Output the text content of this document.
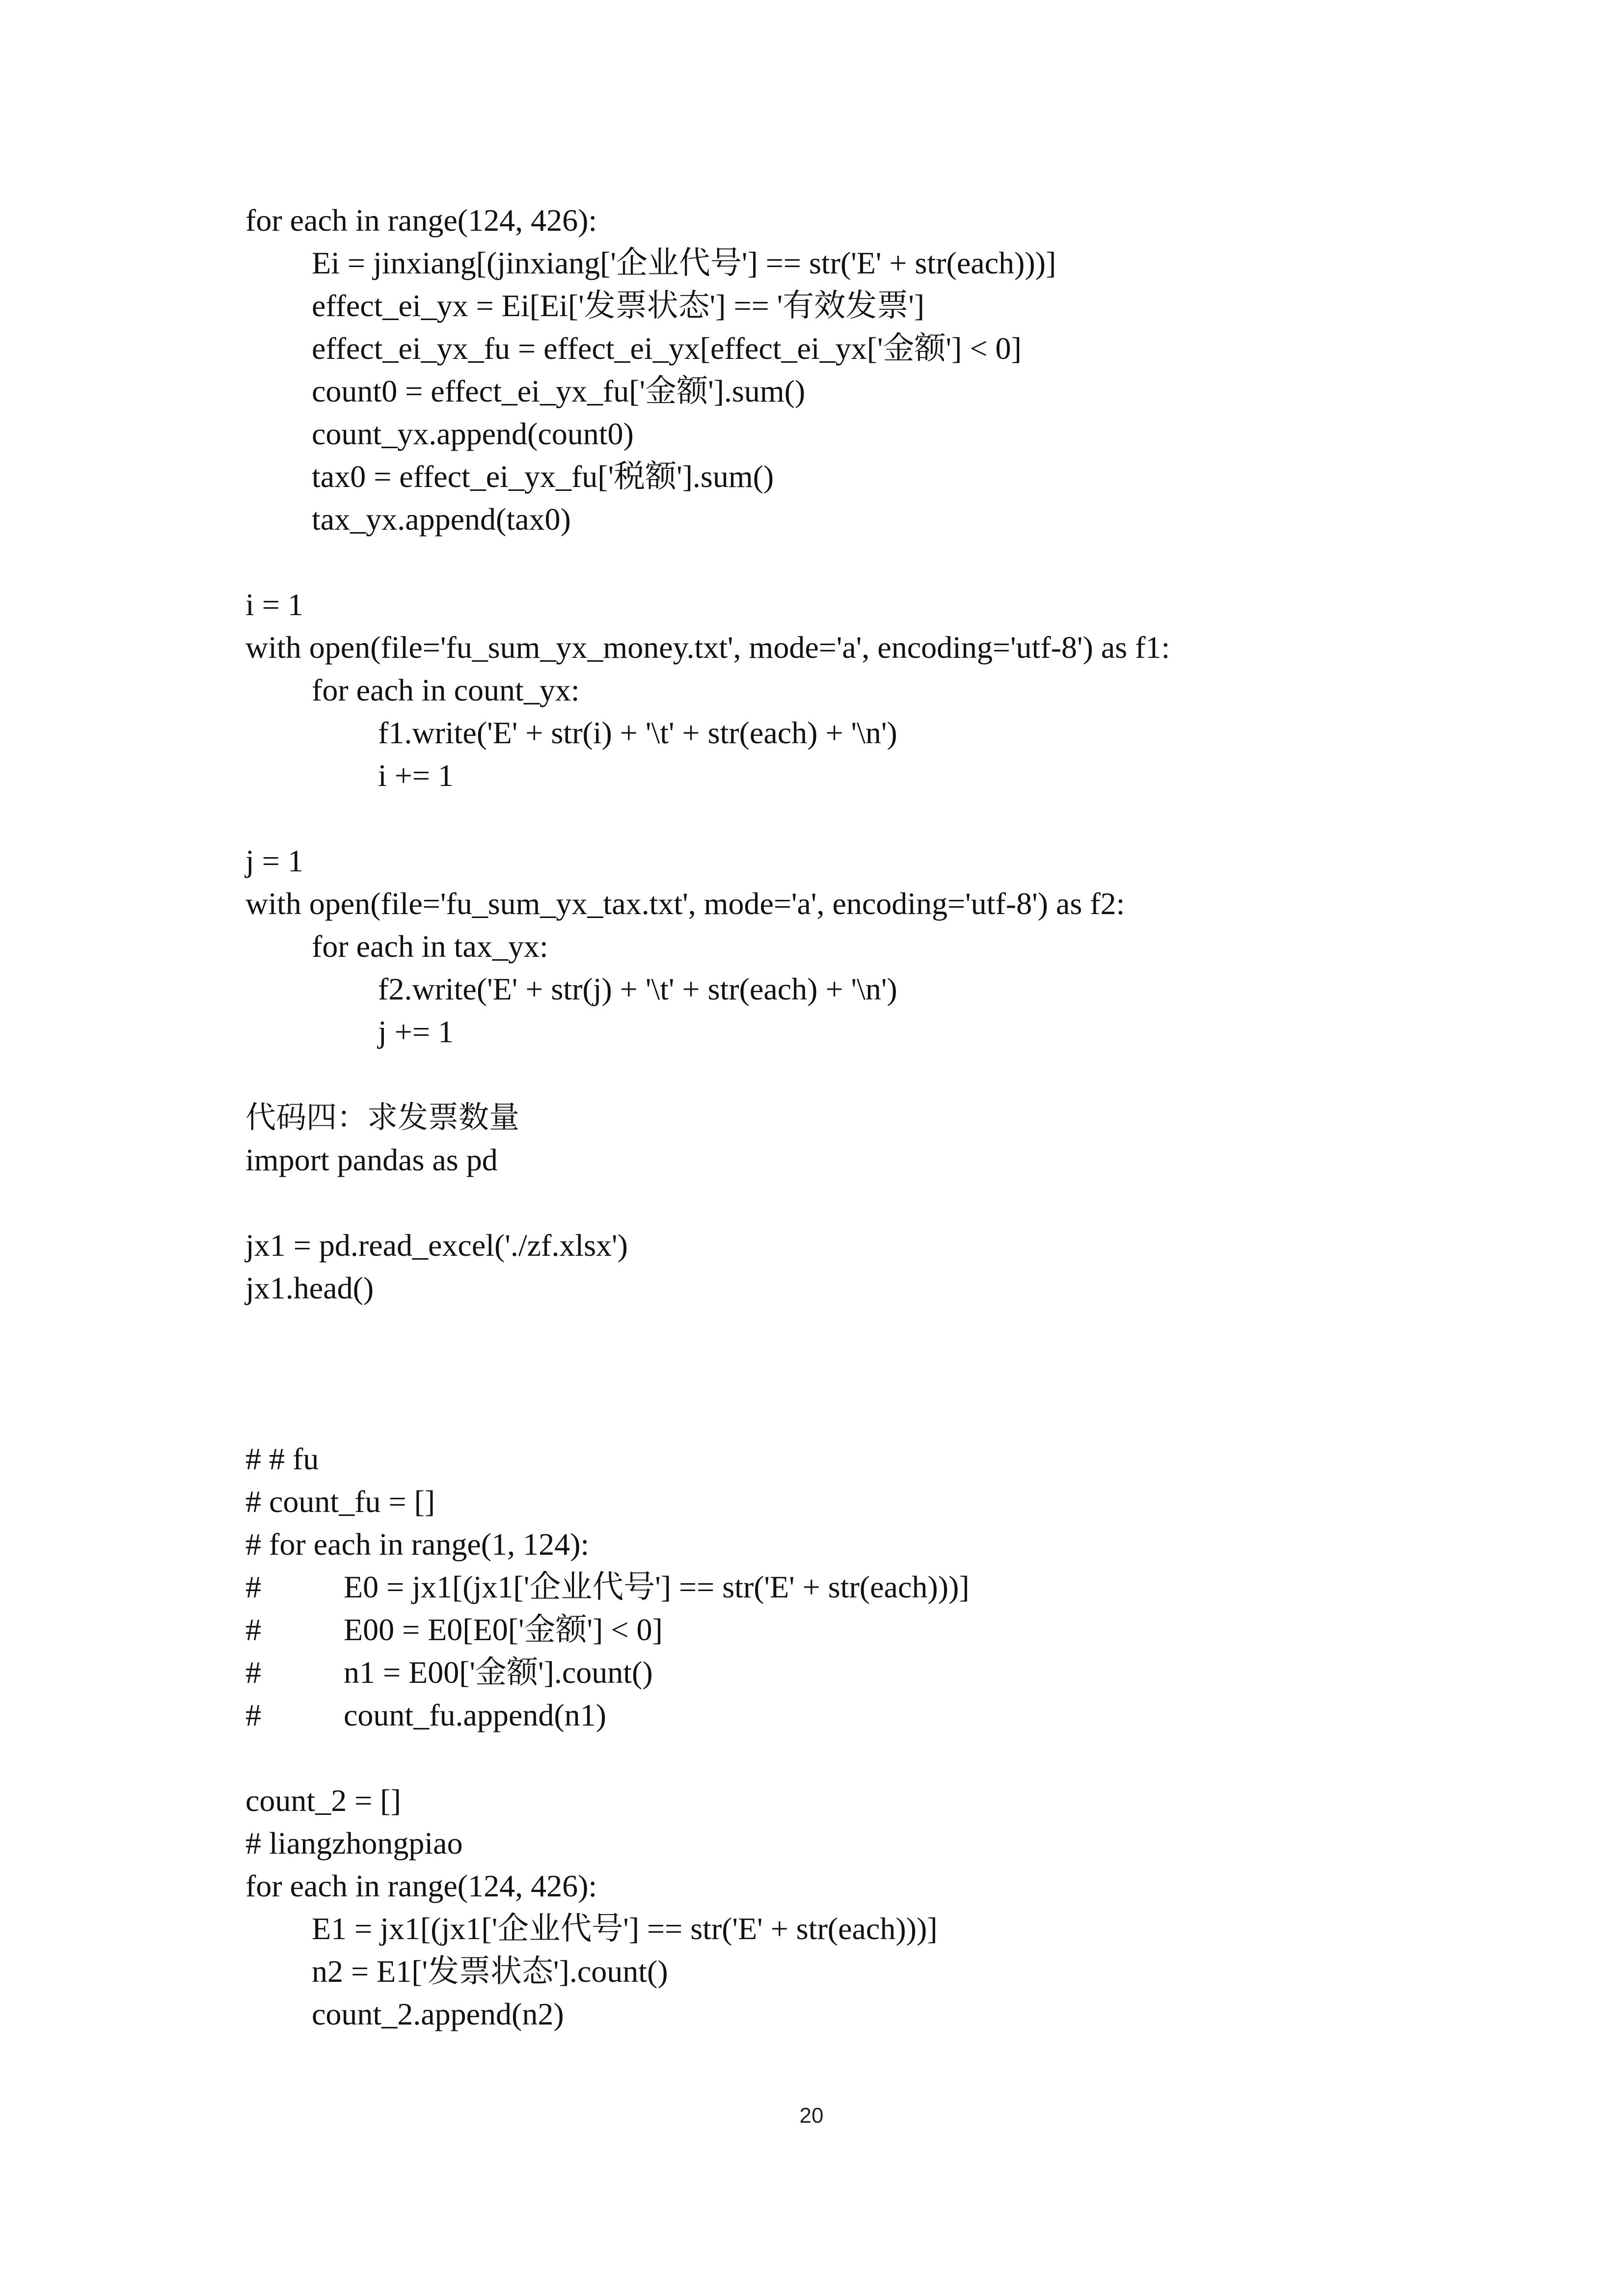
for each in range(124, 426):
Ei = jinxiang[(jinxiang['企业代号'] == str('E' + str(each)))]
effect_ei_yx = Ei[Ei['发票状态'] == '有效发票']
effect_ei_yx_fu = effect_ei_yx[effect_ei_yx['金额'] < 0]
count0 = effect_ei_yx_fu['金额'].sum()
count_yx.append(count0)
tax0 = effect_ei_yx_fu['税额'].sum()
tax_yx.append(tax0)
i = 1
with open(file='fu_sum_yx_money.txt', mode='a', encoding='utf-8') as f1:
for each in count_yx:
f1.write('E' + str(i) + '\t' + str(each) + '\n')
i += 1
j = 1
with open(file='fu_sum_yx_tax.txt', mode='a', encoding='utf-8') as f2:
for each in tax_yx:
f2.write('E' + str(j) + '\t' + str(each) + '\n')
j += 1
代码四：求发票数量
import pandas as pd
jx1 = pd.read_excel('./zf.xlsx')
jx1.head()
# # fu
# count_fu = []
# for each in range(1, 124):
#	E0 = jx1[(jx1['企业代号'] == str('E' + str(each)))]
#	E00 = E0[E0['金额'] < 0]
#	n1 = E00['金额'].count()
#	count_fu.append(n1)
count_2 = []
# liangzhongpiao
for each in range(124, 426):
E1 = jx1[(jx1['企业代号'] == str('E' + str(each)))]
n2 = E1['发票状态'].count()
count_2.append(n2)
20
